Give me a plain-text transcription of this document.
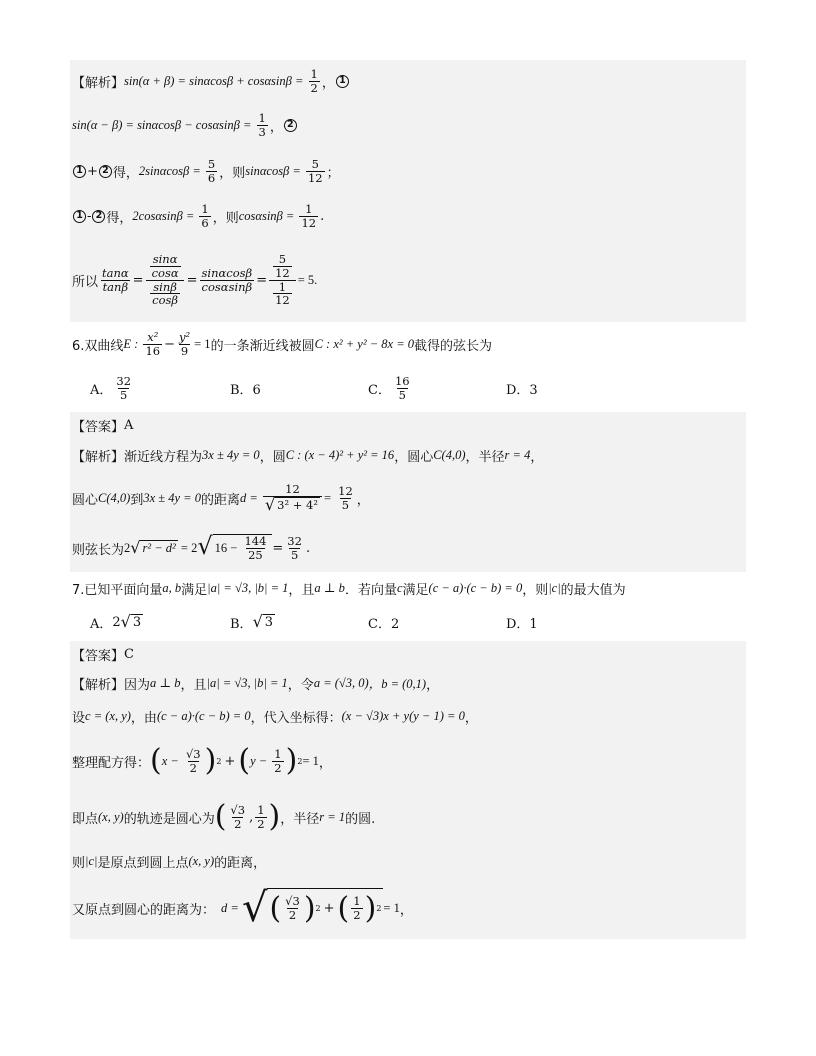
【解析】 $\sin(\alpha + \beta) = \sin\alpha\cos\beta + \cos\alpha\sin\beta = \frac{1}{2}$ ， 1
$\sin(\alpha - \beta) = \sin\alpha\cos\beta - \cos\alpha\sin\beta = \frac{1}{3}$ ， 2
1 + 2 得， $2\sin\alpha\cos\beta = \frac{5}{6}$ ，则 $\sin\alpha\cos\beta = \frac{5}{12}$ ；
1 - 2 得， $2\cos\alpha\sin\beta = \frac{1}{6}$ ，则 $\cos\alpha\sin\beta = \frac{1}{12}$ .
所以 $\frac{\tan\alpha}{\tan\beta} = \frac{\frac{\sin\alpha}{\cos\alpha}}{\frac{\sin\beta}{\cos\beta}} = \frac{\sin\alpha\cos\beta}{\cos\alpha\sin\beta} = \frac{\frac{5}{12}}{\frac{1}{12}} = 5$.
6.双曲线 E : $\frac{\text{x²}}{16} - \frac{\text{y²}}{9} = 1$ 的一条渐近线被圆 C : x² + y² − 8x = 0 截得的弦长为
A． $\frac{32}{5}$	B．6	C． $\frac{16}{5}$	D．3
【答案】 A
【解析】 渐近线方程为 3x ± 4y = 0 ，圆 C : (x − 4)² + y² = 16 ，圆心 C(4,0) ，半径 r = 4 ，
圆心 C(4,0) 到 3x ± 4y = 0 的距离 $d = \frac{12}{\text{√ 3² + 4²}} = \frac{12}{5}$ ，
则弦长为 2 √ r² − d² = 2 √ $16 - \frac{144}{25} = \frac{32}{5}$ .
7.已知平面向量 a, b 满足 |a| = √3, |b| = 1 ，且 a ⊥ b ．若向量 c 满足 (c − a)·(c − b) = 0 ，则 |c| 的最大值为
A． 2 √ 3	B． √ 3	C．2	D．1
【答案】 C
【解析】 因为 a ⊥ b ，且 |a| = √3, |b| = 1 ，令 a = (√3, 0) ，b = (0,1) ，
设 c = (x, y) ，由 (c − a)·(c − b) = 0 ，代入坐标得： (x − √3)x + y(y − 1) = 0 ，
整理配方得： ( $x - \frac{√3}{2}$ ) 2 + ( $y - \frac{1}{2}$ ) 2 = 1 ，
即点 (x, y) 的轨迹是圆心为 ( $\frac{√3}{2}$ , $\frac{1}{2}$ ) ，半径 r = 1 的圆.
则 |c| 是原点到圆上点 (x, y) 的距离，
又原点到圆心的距离为： d = √ ( $\frac{√3}{2}$ ) 2 + ( $\frac{1}{2}$ ) 2 = 1 ，
